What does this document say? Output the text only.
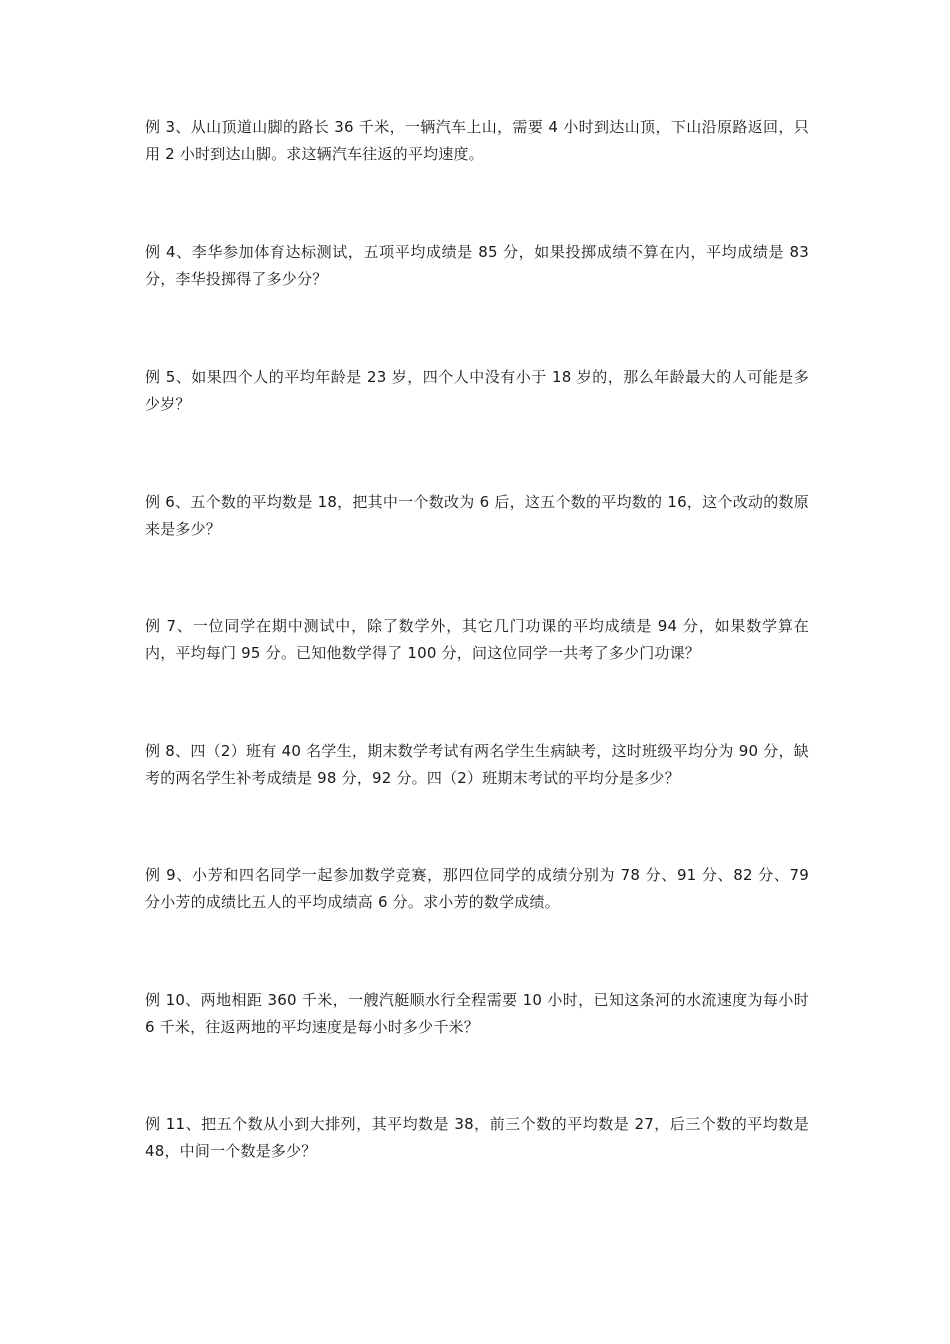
例 3、从山顶道山脚的路长 36 千米，一辆汽车上山，需要 4 小时到达山顶，下山沿原路返回，只用 2 小时到达山脚。求这辆汽车往返的平均速度。

例 4、李华参加体育达标测试，五项平均成绩是 85 分，如果投掷成绩不算在内，平均成绩是 83 分，李华投掷得了多少分？

例 5、如果四个人的平均年龄是 23 岁，四个人中没有小于 18 岁的，那么年龄最大的人可能是多少岁？

例 6、五个数的平均数是 18，把其中一个数改为 6 后，这五个数的平均数的 16，这个改动的数原来是多少？

例 7、一位同学在期中测试中，除了数学外，其它几门功课的平均成绩是 94 分，如果数学算在内，平均每门 95 分。已知他数学得了 100 分，问这位同学一共考了多少门功课？

例 8、四（2）班有 40 名学生，期末数学考试有两名学生生病缺考，这时班级平均分为 90 分，缺考的两名学生补考成绩是 98 分，92 分。四（2）班期末考试的平均分是多少？

例 9、小芳和四名同学一起参加数学竞赛，那四位同学的成绩分别为 78 分、91 分、82 分、79 分小芳的成绩比五人的平均成绩高 6 分。求小芳的数学成绩。

例 10、两地相距 360 千米，一艘汽艇顺水行全程需要 10 小时，已知这条河的水流速度为每小时 6 千米，往返两地的平均速度是每小时多少千米？

例 11、把五个数从小到大排列，其平均数是 38，前三个数的平均数是 27，后三个数的平均数是 48，中间一个数是多少？
